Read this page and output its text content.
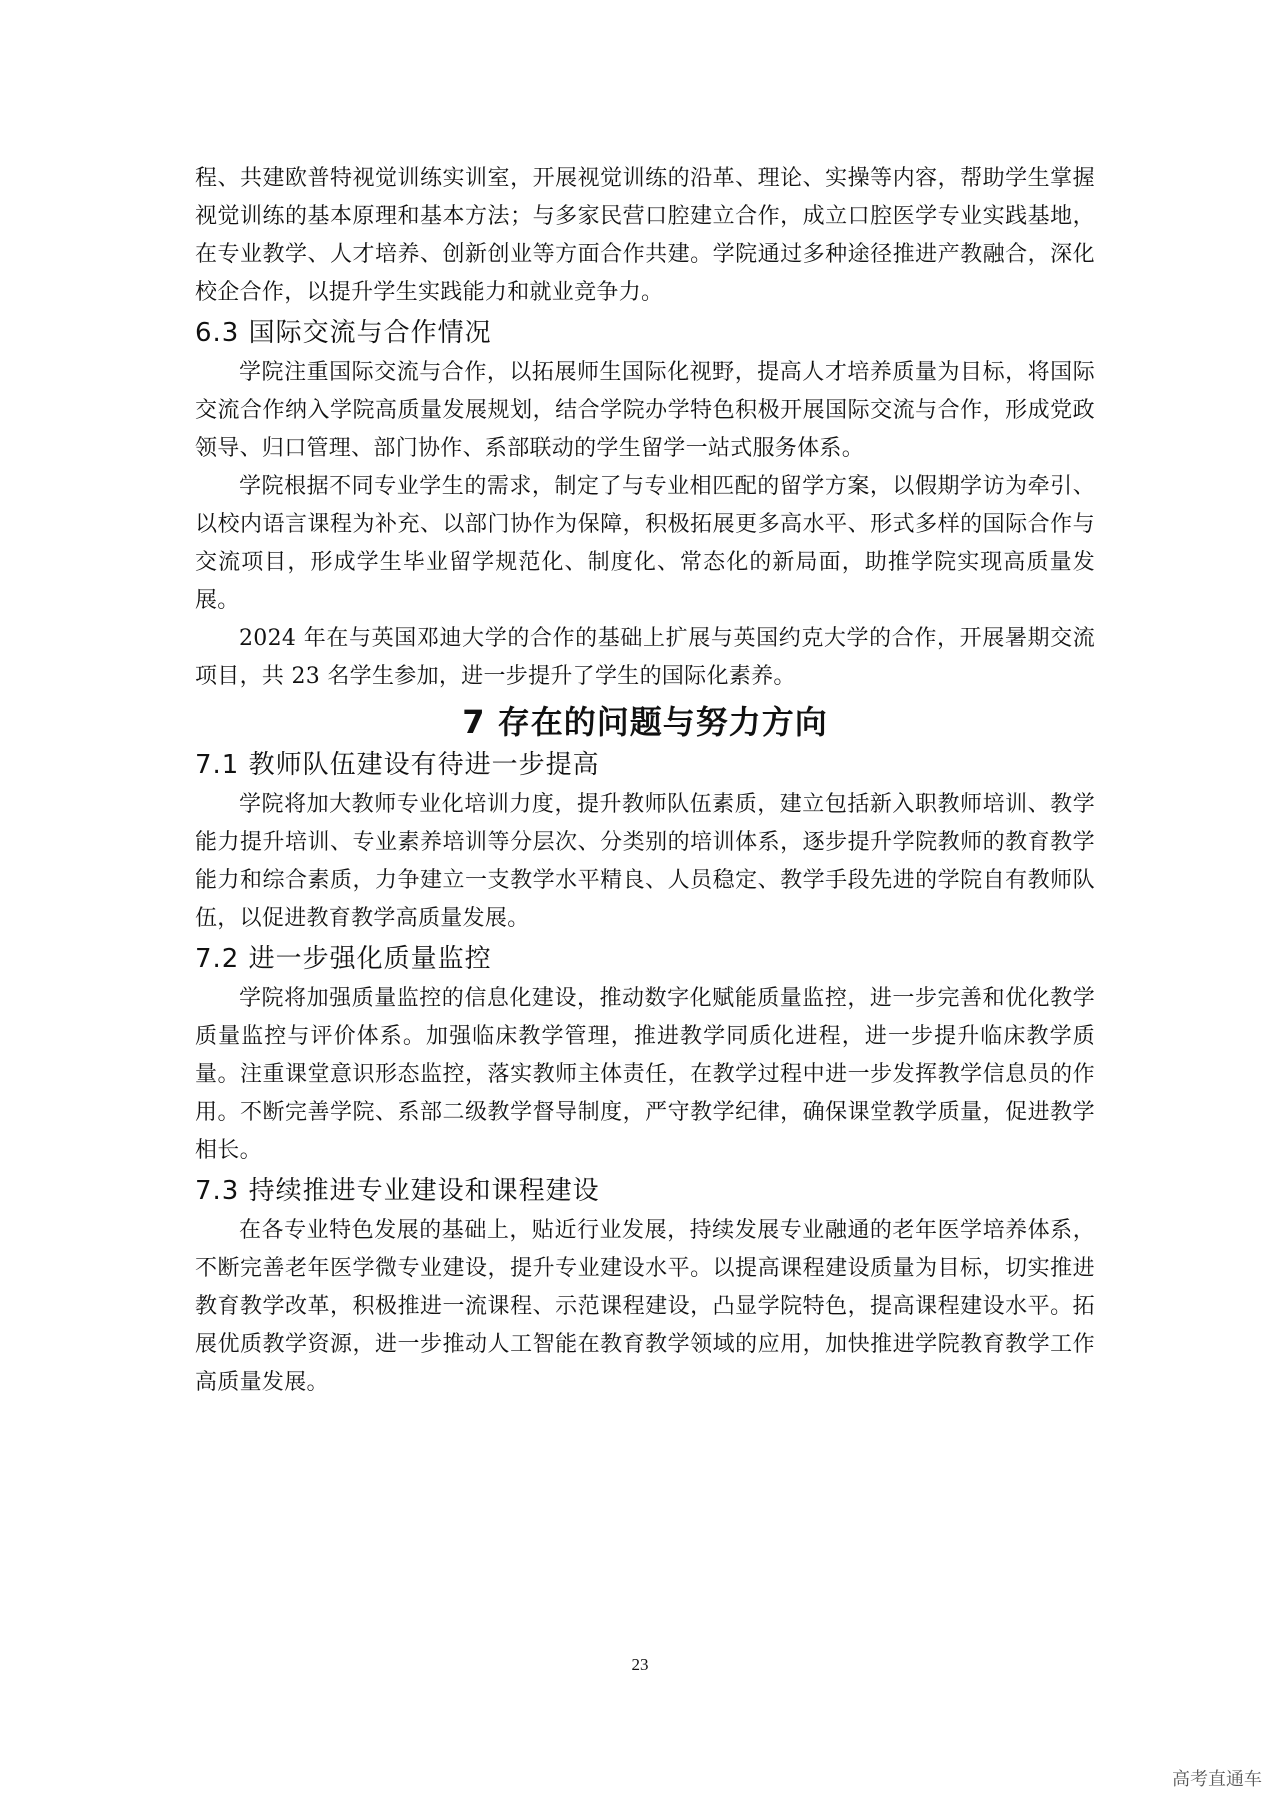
程、共建欧普特视觉训练实训室，开展视觉训练的沿革、理论、实操等内容，帮助学生掌握视觉训练的基本原理和基本方法；与多家民营口腔建立合作，成立口腔医学专业实践基地，在专业教学、人才培养、创新创业等方面合作共建。学院通过多种途径推进产教融合，深化校企合作，以提升学生实践能力和就业竞争力。

6.3 国际交流与合作情况

学院注重国际交流与合作，以拓展师生国际化视野，提高人才培养质量为目标，将国际交流合作纳入学院高质量发展规划，结合学院办学特色积极开展国际交流与合作，形成党政领导、归口管理、部门协作、系部联动的学生留学一站式服务体系。

学院根据不同专业学生的需求，制定了与专业相匹配的留学方案，以假期学访为牵引、以校内语言课程为补充、以部门协作为保障，积极拓展更多高水平、形式多样的国际合作与交流项目，形成学生毕业留学规范化、制度化、常态化的新局面，助推学院实现高质量发展。

2024 年在与英国邓迪大学的合作的基础上扩展与英国约克大学的合作，开展暑期交流项目，共 23 名学生参加，进一步提升了学生的国际化素养。

7 存在的问题与努力方向
7.1 教师队伍建设有待进一步提高

学院将加大教师专业化培训力度，提升教师队伍素质，建立包括新入职教师培训、教学能力提升培训、专业素养培训等分层次、分类别的培训体系，逐步提升学院教师的教育教学能力和综合素质，力争建立一支教学水平精良、人员稳定、教学手段先进的学院自有教师队伍，以促进教育教学高质量发展。

7.2 进一步强化质量监控

学院将加强质量监控的信息化建设，推动数字化赋能质量监控，进一步完善和优化教学质量监控与评价体系。加强临床教学管理，推进教学同质化进程，进一步提升临床教学质量。注重课堂意识形态监控，落实教师主体责任，在教学过程中进一步发挥教学信息员的作用。不断完善学院、系部二级教学督导制度，严守教学纪律，确保课堂教学质量，促进教学相长。

7.3 持续推进专业建设和课程建设

在各专业特色发展的基础上，贴近行业发展，持续发展专业融通的老年医学培养体系，不断完善老年医学微专业建设，提升专业建设水平。以提高课程建设质量为目标，切实推进教育教学改革，积极推进一流课程、示范课程建设，凸显学院特色，提高课程建设水平。拓展优质教学资源，进一步推动人工智能在教育教学领域的应用，加快推进学院教育教学工作高质量发展。

23
高考直通车
